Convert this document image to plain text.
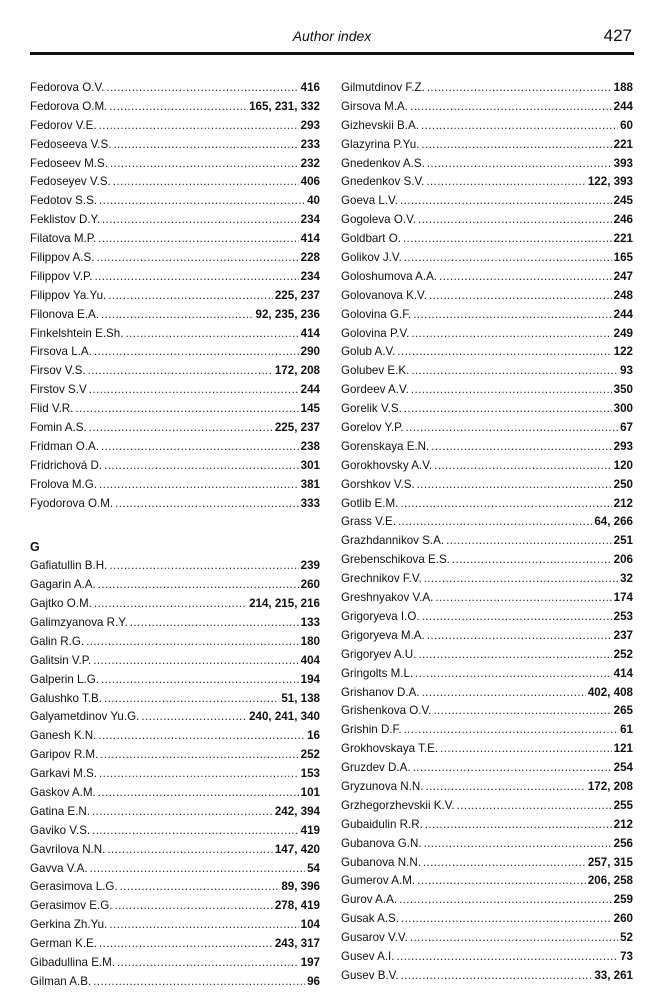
Author index	427
Fedorova O.V. .....	416
Fedorova O.M. .....	165, 231, 332
Fedorov V.E. .....	293
Fedoseeva V.S. .....	233
Fedoseev M.S. .....	232
Fedoseyev V.S. .....	406
Fedotov S.S. .....	40
Feklistov D.Y. .....	234
Filatova M.P. .....	414
Filippov A.S. .....	228
Filippov V.P. .....	234
Filippov Ya.Yu. .....	225, 237
Filonova E.A. .....	92, 235, 236
Finkelshtein E.Sh. .....	414
Firsova L.A. .....	290
Firsov V.S. .....	172, 208
Firstov S.V .....	244
Flid V.R. .....	145
Fomin A.S. .....	225, 237
Fridman O.A. .....	238
Fridrichová D. .....	301
Frolova M.G. .....	381
Fyodorova O.M. .....	333
G
Gafiatullin B.H. .....	239
Gagarin A.A. .....	260
Gajtko O.M. .....	214, 215, 216
Galimzyanova R.Y. .....	133
Galin R.G. .....	180
Galitsin V.P. .....	404
Galperin L.G. .....	194
Galushko T.B. .....	51, 138
Galyametdinov Yu.G. .....	240, 241, 340
Ganesh K.N. .....	16
Garipov R.M. .....	252
Garkavi M.S. .....	153
Gaskov A.M. .....	101
Gatina E.N. .....	242, 394
Gaviko V.S. .....	419
Gavrilova N.N. .....	147, 420
Gavva V.A. .....	54
Gerasimova L.G. .....	89, 396
Gerasimov E.G. .....	278, 419
Gerkina Zh.Yu. .....	104
German K.E. .....	243, 317
Gibadullina E.M. .....	197
Gilman A.B. .....	96
Gilmutdinov F.Z. .....	188
Girsova M.A. .....	244
Gizhevskii B.A. .....	60
Glazyrina P.Yu. .....	221
Gnedenkov A.S. .....	393
Gnedenkov S.V. .....	122, 393
Goeva L.V. .....	245
Gogoleva O.V. .....	246
Goldbart O. .....	221
Golikov J.V. .....	165
Goloshumova A.A. .....	247
Golovanova K.V. .....	248
Golovina G.F. .....	244
Golovina P.V. .....	249
Golub A.V. .....	122
Golubev E.K. .....	93
Gordeev A.V. .....	350
Gorelik V.S. .....	300
Gorelov Y.P. .....	67
Gorenskaya E.N. .....	293
Gorokhovsky A.V. .....	120
Gorshkov V.S. .....	250
Gotlib E.M. .....	212
Grass V.E. .....	64, 266
Grazhdannikov S.A. .....	251
Grebenschikova E.S. .....	206
Grechnikov F.V. .....	32
Greshnyakov V.A. .....	174
Grigoryeva I.O. .....	253
Grigoryeva M.A. .....	237
Grigoryev A.U. .....	252
Gringolts M.L. .....	414
Grishanov D.A. .....	402, 408
Grishenkova O.V. .....	265
Grishin D.F. .....	61
Grokhovskaya T.E. .....	121
Gruzdev D.A. .....	254
Gryzunova N.N. .....	172, 208
Grzhegorzhevskii K.V. .....	255
Gubaidulin R.R. .....	212
Gubanova G.N. .....	256
Gubanova N.N. .....	257, 315
Gumerov A.M. .....	206, 258
Gurov A.A. .....	259
Gusak A.S. .....	260
Gusarov V.V. .....	52
Gusev A.I. .....	73
Gusev B.V. .....	33, 261
